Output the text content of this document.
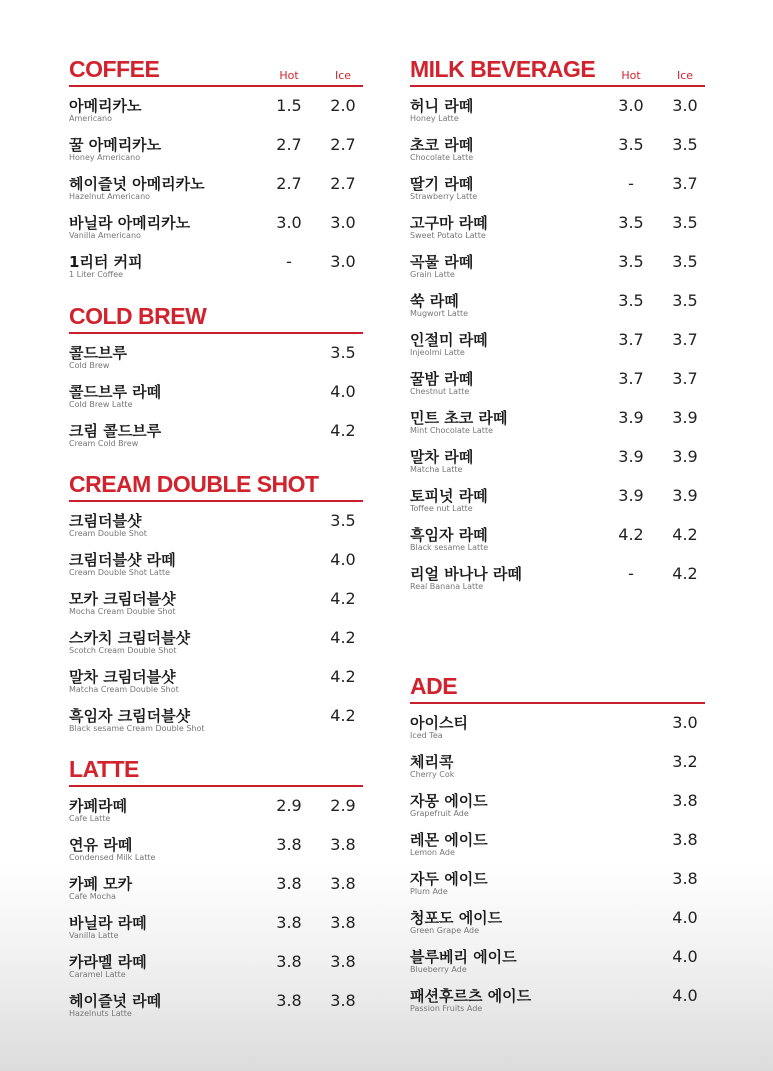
COFFEE	Hot	Ice
아메리카노
Americano
1.5	2.0
꿀 아메리카노
Honey Americano
2.7	2.7
헤이즐넛 아메리카노
Hazelnut Americano
2.7	2.7
바닐라 아메리카노
Vanilla Americano
3.0	3.0
1리터 커피
1 Liter Coffee
-	3.0
COLD BREW
콜드브루
Cold Brew
3.5
콜드브루 라떼
Cold Brew Latte
4.0
크림 콜드브루
Cream Cold Brew
4.2
CREAM DOUBLE SHOT
크림더블샷
Cream Double Shot
3.5
크림더블샷 라떼
Cream Double Shot Latte
4.0
모카 크림더블샷
Mocha Cream Double Shot
4.2
스카치 크림더블샷
Scotch Cream Double Shot
4.2
말차 크림더블샷
Matcha Cream Double Shot
4.2
흑임자 크림더블샷
Black sesame Cream Double Shot
4.2
LATTE
카페라떼
Cafe Latte
2.9	2.9
연유 라떼
Condensed Milk Latte
3.8	3.8
카페 모카
Cafe Mocha
3.8	3.8
바닐라 라떼
Vanilla Latte
3.8	3.8
카라멜 라떼
Caramel Latte
3.8	3.8
헤이즐넛 라떼
Hazelnuts Latte
3.8	3.8
MILK BEVERAGE	Hot	Ice
허니 라떼
Honey Latte
3.0	3.0
초코 라떼
Chocolate Latte
3.5	3.5
딸기 라떼
Strawberry Latte
-	3.7
고구마 라떼
Sweet Potato Latte
3.5	3.5
곡물 라떼
Grain Latte
3.5	3.5
쑥 라떼
Mugwort Latte
3.5	3.5
인절미 라떼
Injeolmi Latte
3.7	3.7
꿀밤 라떼
Chestnut Latte
3.7	3.7
민트 초코 라떼
Mint Chocolate Latte
3.9	3.9
말차 라떼
Matcha Latte
3.9	3.9
토피넛 라떼
Toffee nut Latte
3.9	3.9
흑임자 라떼
Black sesame Latte
4.2	4.2
리얼 바나나 라떼
Real Banana Latte
-	4.2
ADE
아이스티
Iced Tea
3.0
체리콕
Cherry Cok
3.2
자몽 에이드
Grapefruit Ade
3.8
레몬 에이드
Lemon Ade
3.8
자두 에이드
Plum Ade
3.8
청포도 에이드
Green Grape Ade
4.0
블루베리 에이드
Blueberry Ade
4.0
패션후르츠 에이드
Passion Fruits Ade
4.0
